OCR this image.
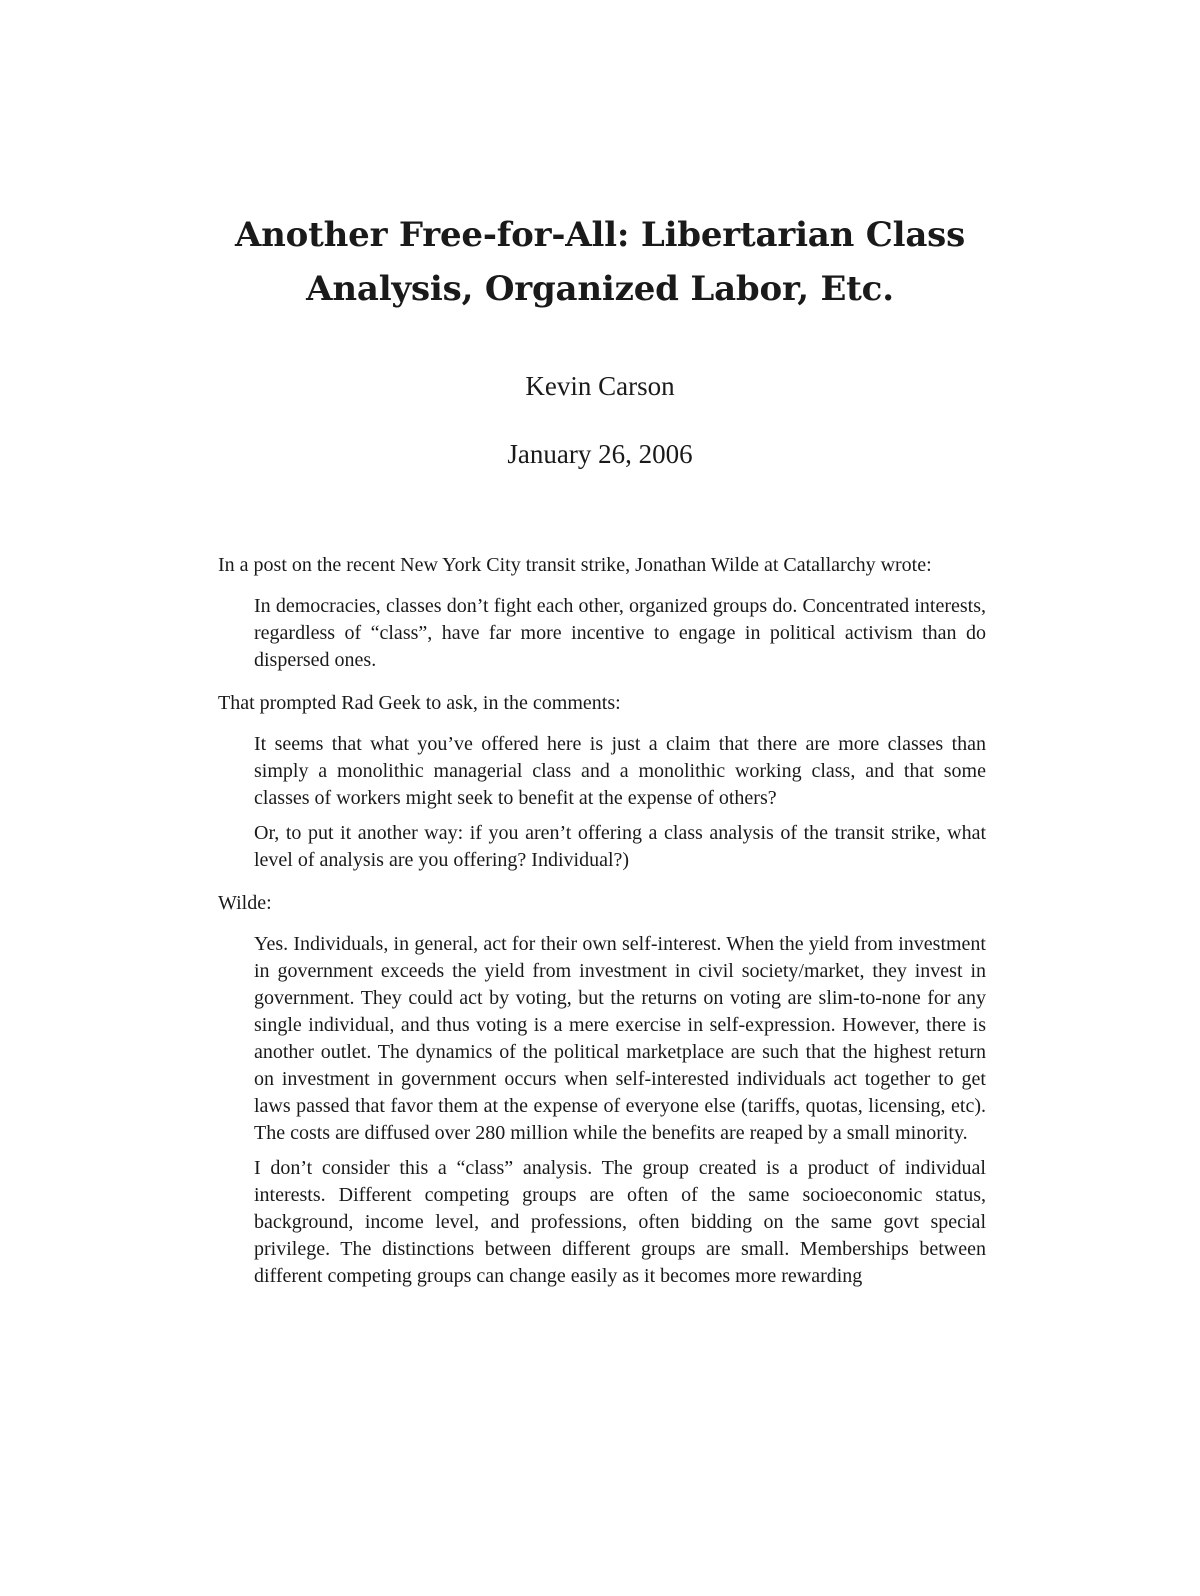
Another Free-for-All: Libertarian Class
Analysis, Organized Labor, Etc.
Kevin Carson
January 26, 2006

In a post on the recent New York City transit strike, Jonathan Wilde at Catallarchy wrote:

In democracies, classes don’t fight each other, organized groups do. Concentrated interests, regardless of “class”, have far more incentive to engage in political activism than do dispersed ones.

That prompted Rad Geek to ask, in the comments:

It seems that what you’ve offered here is just a claim that there are more classes than simply a monolithic managerial class and a monolithic working class, and that some classes of workers might seek to benefit at the expense of others?

Or, to put it another way: if you aren’t offering a class analysis of the transit strike, what level of analysis are you offering? Individual?)

Wilde:

Yes. Individuals, in general, act for their own self-interest. When the yield from investment in government exceeds the yield from investment in civil society/market, they invest in government. They could act by voting, but the returns on voting are slim-to-none for any single individual, and thus voting is a mere exercise in self-expression. However, there is another outlet. The dynamics of the political marketplace are such that the highest return on investment in government occurs when self-interested individuals act together to get laws passed that favor them at the expense of everyone else (tariffs, quotas, licensing, etc). The costs are diffused over 280 million while the benefits are reaped by a small minority.

I don’t consider this a “class” analysis. The group created is a product of individual interests. Different competing groups are often of the same socioeconomic status, background, income level, and professions, often bidding on the same govt special privilege. The distinctions between different groups are small. Memberships between different competing groups can change easily as it becomes more rewarding
